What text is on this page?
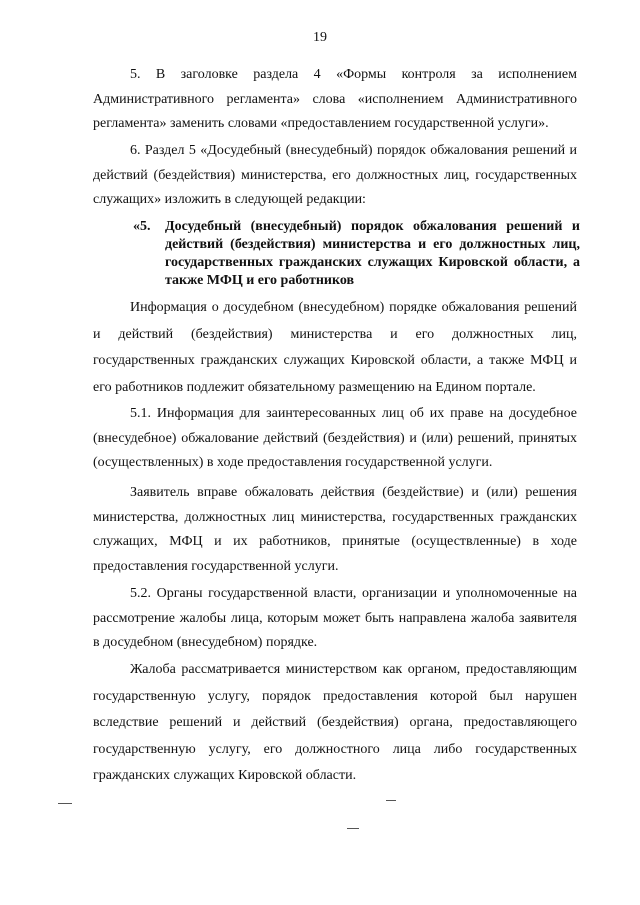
19

5. В заголовке раздела 4 «Формы контроля за исполнением Административного регламента» слова «исполнением Административного регламента» заменить словами «предоставлением государственной услуги».

6. Раздел 5 «Досудебный (внесудебный) порядок обжалования решений и действий (бездействия) министерства, его должностных лиц, государственных служащих» изложить в следующей редакции:

«5.	Досудебный (внесудебный) порядок обжалования решений и действий (бездействия) министерства и его должностных лиц, государственных гражданских служащих Кировской области, а также МФЦ и его работников

Информация о досудебном (внесудебном) порядке обжалования решений и действий (бездействия) министерства и его должностных лиц, государственных гражданских служащих Кировской области, а также МФЦ и его работников подлежит обязательному размещению на Едином портале.

5.1. Информация для заинтересованных лиц об их праве на досудебное (внесудебное) обжалование действий (бездействия) и (или) решений, принятых (осуществленных) в ходе предоставления государственной услуги.

Заявитель вправе обжаловать действия (бездействие) и (или) решения министерства, должностных лиц министерства, государственных гражданских служащих, МФЦ и их работников, принятые (осуществленные) в ходе предоставления государственной услуги.

5.2. Органы государственной власти, организации и уполномоченные на рассмотрение жалобы лица, которым может быть направлена жалоба заявителя в досудебном (внесудебном) порядке.

Жалоба рассматривается министерством как органом, предоставляющим государственную услугу, порядок предоставления которой был нарушен вследствие решений и действий (бездействия) органа, предоставляющего государственную услугу, его должностного лица либо государственных гражданских служащих Кировской области.
